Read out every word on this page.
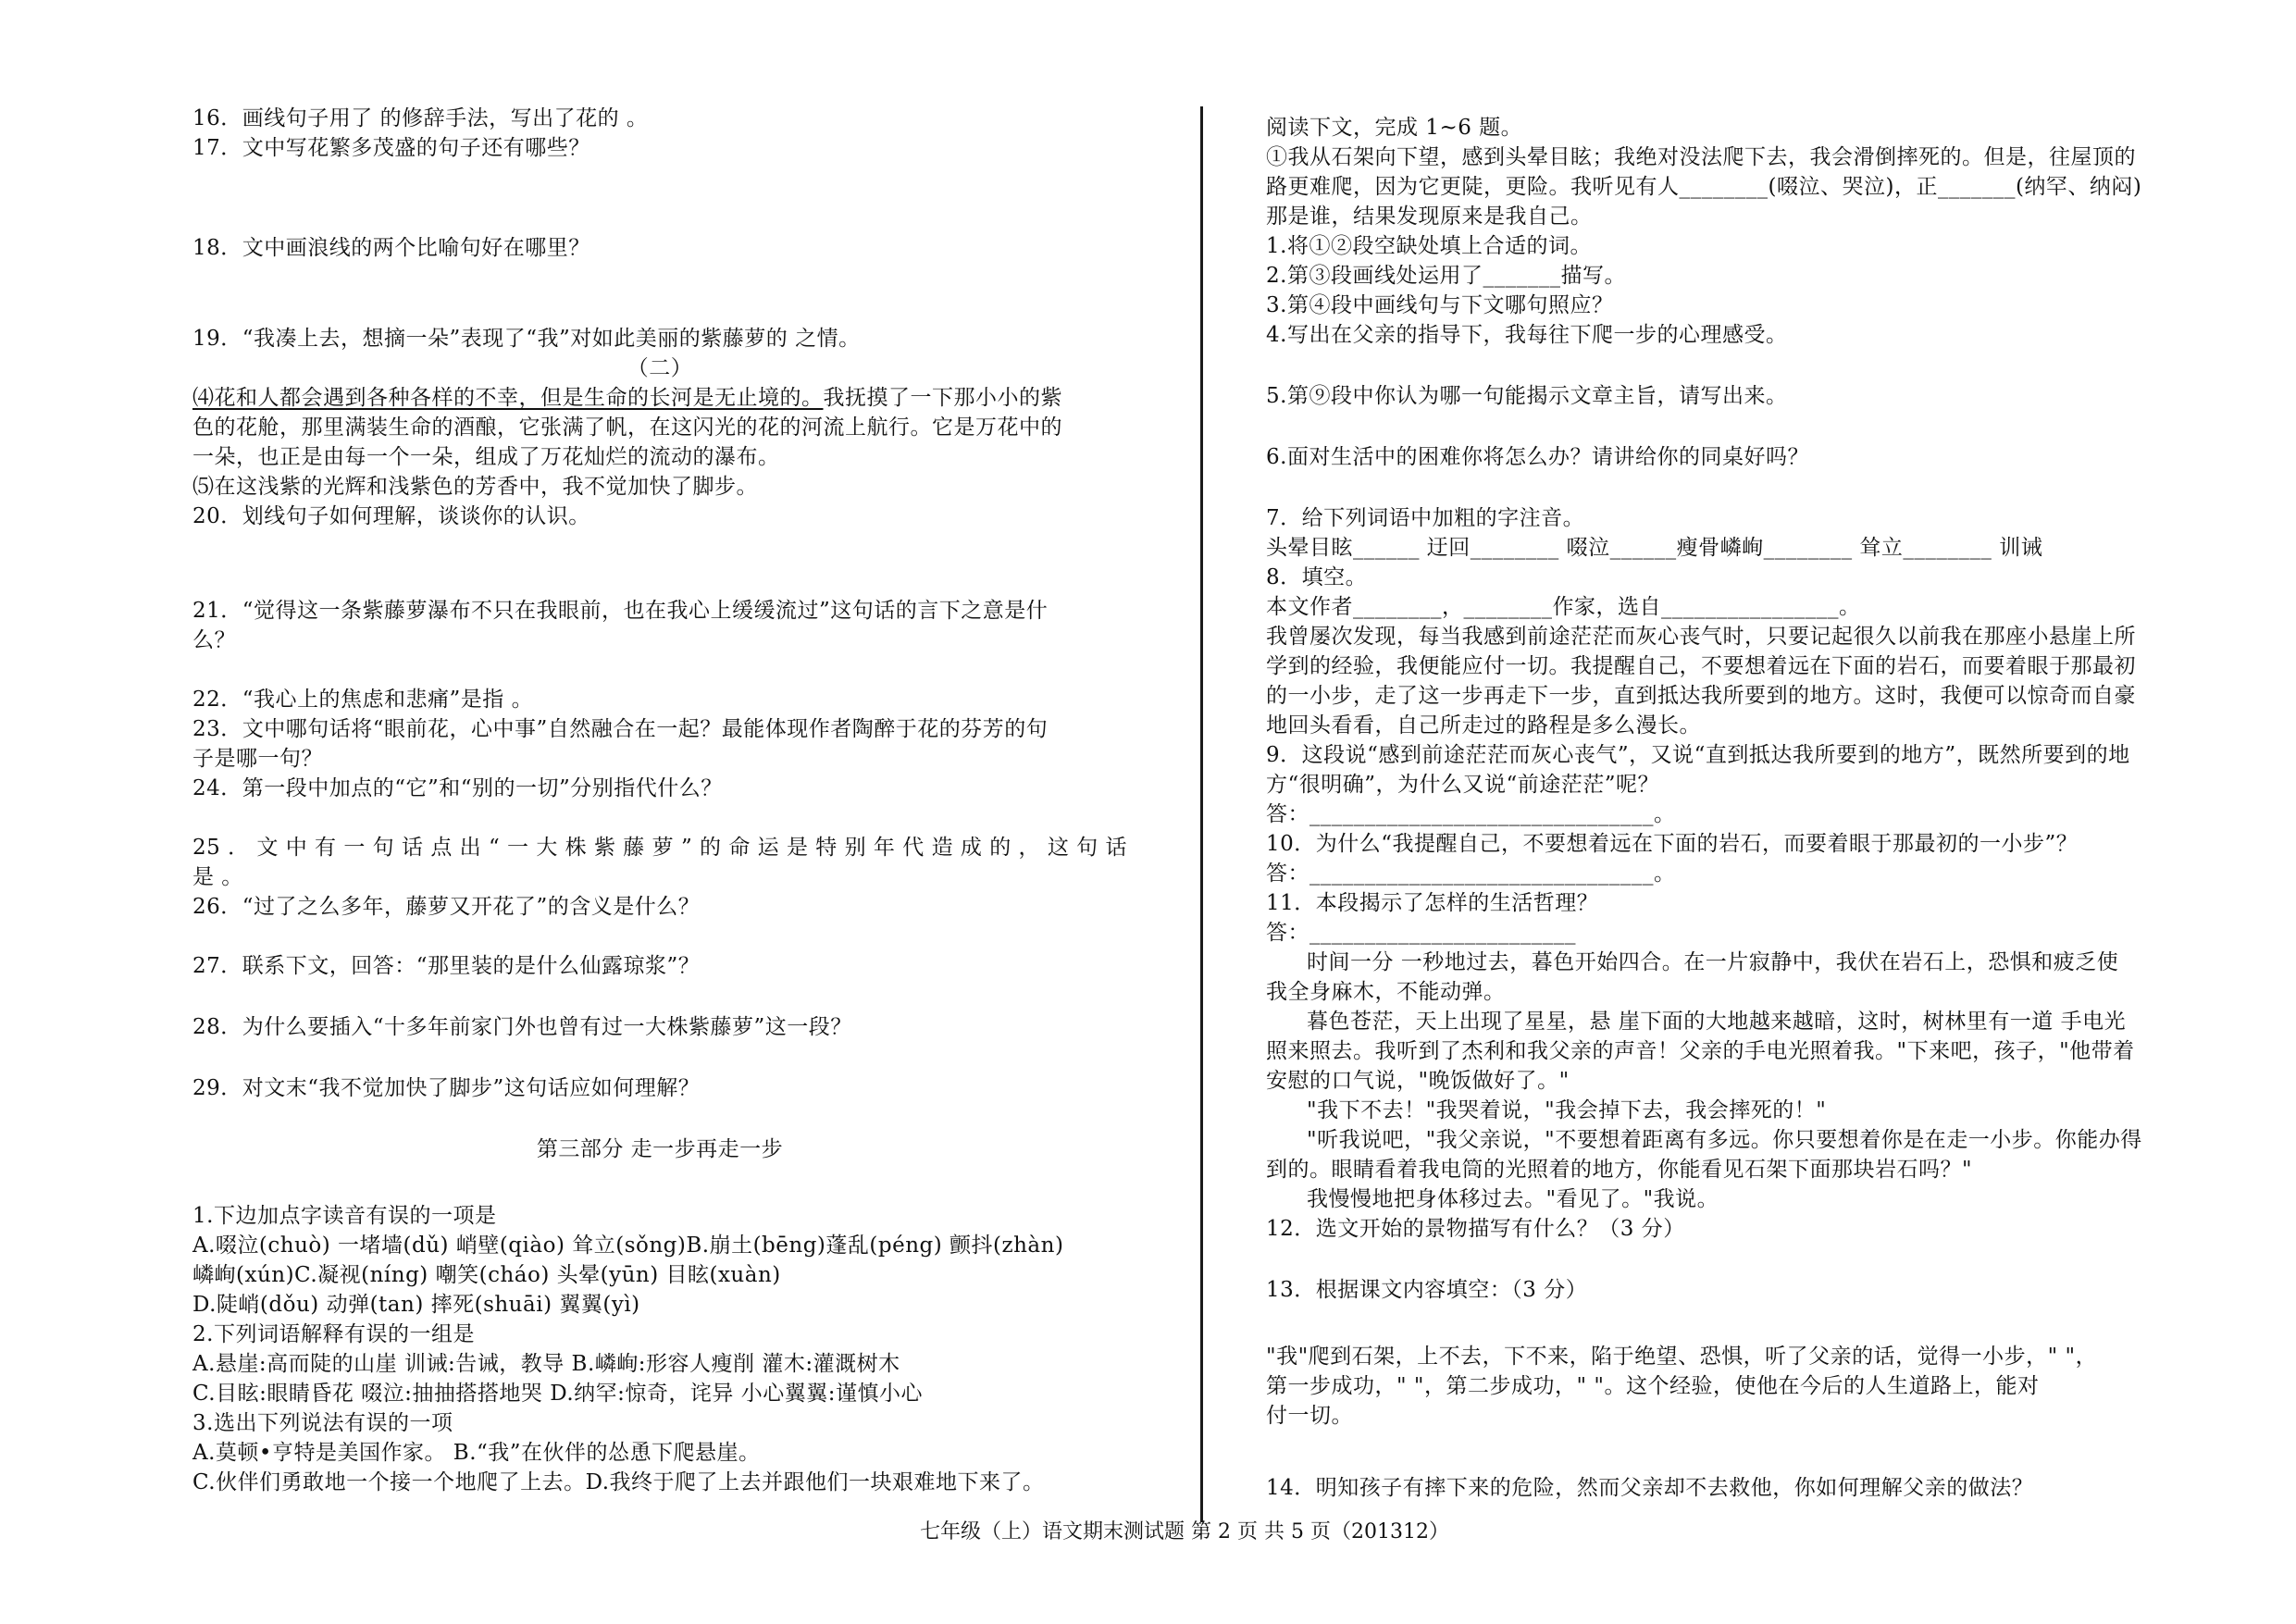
16．画线句子用了 的修辞手法，写出了花的 。
17．文中写花繁多茂盛的句子还有哪些？
18．文中画浪线的两个比喻句好在哪里？
19．“我凑上去，想摘一朵”表现了“我”对如此美丽的紫藤萝的 之情。
（二）
⑷花和人都会遇到各种各样的不幸，但是生命的长河是无止境的。我抚摸了一下那小小的紫
色的花舱，那里满装生命的酒酿，它张满了帆，在这闪光的花的河流上航行。它是万花中的
一朵，也正是由每一个一朵，组成了万花灿烂的流动的瀑布。
⑸在这浅紫的光辉和浅紫色的芳香中，我不觉加快了脚步。
20．划线句子如何理解，谈谈你的认识。
21．“觉得这一条紫藤萝瀑布不只在我眼前，也在我心上缓缓流过”这句话的言下之意是什
么？
22．“我心上的焦虑和悲痛”是指 。
23．文中哪句话将“眼前花，心中事”自然融合在一起？最能体现作者陶醉于花的芬芳的句
子是哪一句？
24．第一段中加点的“它”和“别的一切”分别指代什么？
25．文中有一句话点出“一大株紫藤萝”的命运是特别年代造成的，这句话
是 。
26．“过了之么多年，藤萝又开花了”的含义是什么？
27．联系下文，回答：“那里装的是什么仙露琼浆”？
28．为什么要插入“十多年前家门外也曾有过一大株紫藤萝”这一段？
29．对文末“我不觉加快了脚步”这句话应如何理解？
第三部分 走一步再走一步
1.下边加点字读音有误的一项是
A.啜泣(chuò) 一堵墙(dǔ) 峭壁(qiào) 耸立(sǒng)B.崩土(bēng)蓬乱(péng) 颤抖(zhàn)
嶙峋(xún)C.凝视(níng) 嘲笑(cháo) 头晕(yūn) 目眩(xuàn)
D.陡峭(dǒu) 动弹(tan) 摔死(shuāi) 翼翼(yì)
2.下列词语解释有误的一组是
A.悬崖:高而陡的山崖 训诫:告诫，教导 B.嶙峋:形容人瘦削 灌木:灌溉树木
C.目眩:眼睛昏花 啜泣:抽抽搭搭地哭 D.纳罕:惊奇，诧异 小心翼翼:谨慎小心
3.选出下列说法有误的一项
A.莫顿•亨特是美国作家。 B.“我”在伙伴的怂恿下爬悬崖。
C.伙伴们勇敢地一个接一个地爬了上去。D.我终于爬了上去并跟他们一块艰难地下来了。
阅读下文，完成 1~6 题。
①我从石架向下望，感到头晕目眩；我绝对没法爬下去，我会滑倒摔死的。但是，往屋顶的
路更难爬，因为它更陡，更险。我听见有人________(啜泣、哭泣)，正_______(纳罕、纳闷)
那是谁，结果发现原来是我自己。
1.将①②段空缺处填上合适的词。
2.第③段画线处运用了_______描写。
3.第④段中画线句与下文哪句照应？
4.写出在父亲的指导下，我每往下爬一步的心理感受。
5.第⑨段中你认为哪一句能揭示文章主旨，请写出来。
6.面对生活中的困难你将怎么办？请讲给你的同桌好吗？
7．给下列词语中加粗的字注音。
头晕目眩______ 迂回________ 啜泣______瘦骨嶙峋________ 耸立________ 训诫
8．填空。
本文作者________，________作家，选自________________。
我曾屡次发现，每当我感到前途茫茫而灰心丧气时，只要记起很久以前我在那座小悬崖上所
学到的经验，我便能应付一切。我提醒自己，不要想着远在下面的岩石，而要着眼于那最初
的一小步，走了这一步再走下一步，直到抵达我所要到的地方。这时，我便可以惊奇而自豪
地回头看看，自己所走过的路程是多么漫长。
9．这段说“感到前途茫茫而灰心丧气”，又说“直到抵达我所要到的地方”，既然所要到的地
方“很明确”，为什么又说“前途茫茫”呢？
答：_______________________________。
10．为什么“我提醒自己，不要想着远在下面的岩石，而要着眼于那最初的一小步”？
答：_______________________________。
11．本段揭示了怎样的生活哲理？
答：________________________
时间一分 一秒地过去，暮色开始四合。在一片寂静中，我伏在岩石上，恐惧和疲乏使
我全身麻木，不能动弹。
暮色苍茫，天上出现了星星，悬 崖下面的大地越来越暗，这时，树林里有一道 手电光
照来照去。我听到了杰利和我父亲的声音！父亲的手电光照着我。"下来吧，孩子，"他带着
安慰的口气说，"晚饭做好了。"
"我下不去！"我哭着说，"我会掉下去，我会摔死的！"
"听我说吧，"我父亲说，"不要想着距离有多远。你只要想着你是在走一小步。你能办得
到的。眼睛看着我电筒的光照着的地方，你能看见石架下面那块岩石吗？"
我慢慢地把身体移过去。"看见了。"我说。
12．选文开始的景物描写有什么？（3 分）
13．根据课文内容填空：（3 分）
"我"爬到石架，上不去，下不来，陷于绝望、恐惧，听了父亲的话，觉得一小步，" "，
第一步成功，" "，第二步成功，" "。这个经验，使他在今后的人生道路上，能对
付一切。
14．明知孩子有摔下来的危险，然而父亲却不去救他，你如何理解父亲的做法？
七年级（上）语文期末测试题 第 2 页 共 5 页（201312）
